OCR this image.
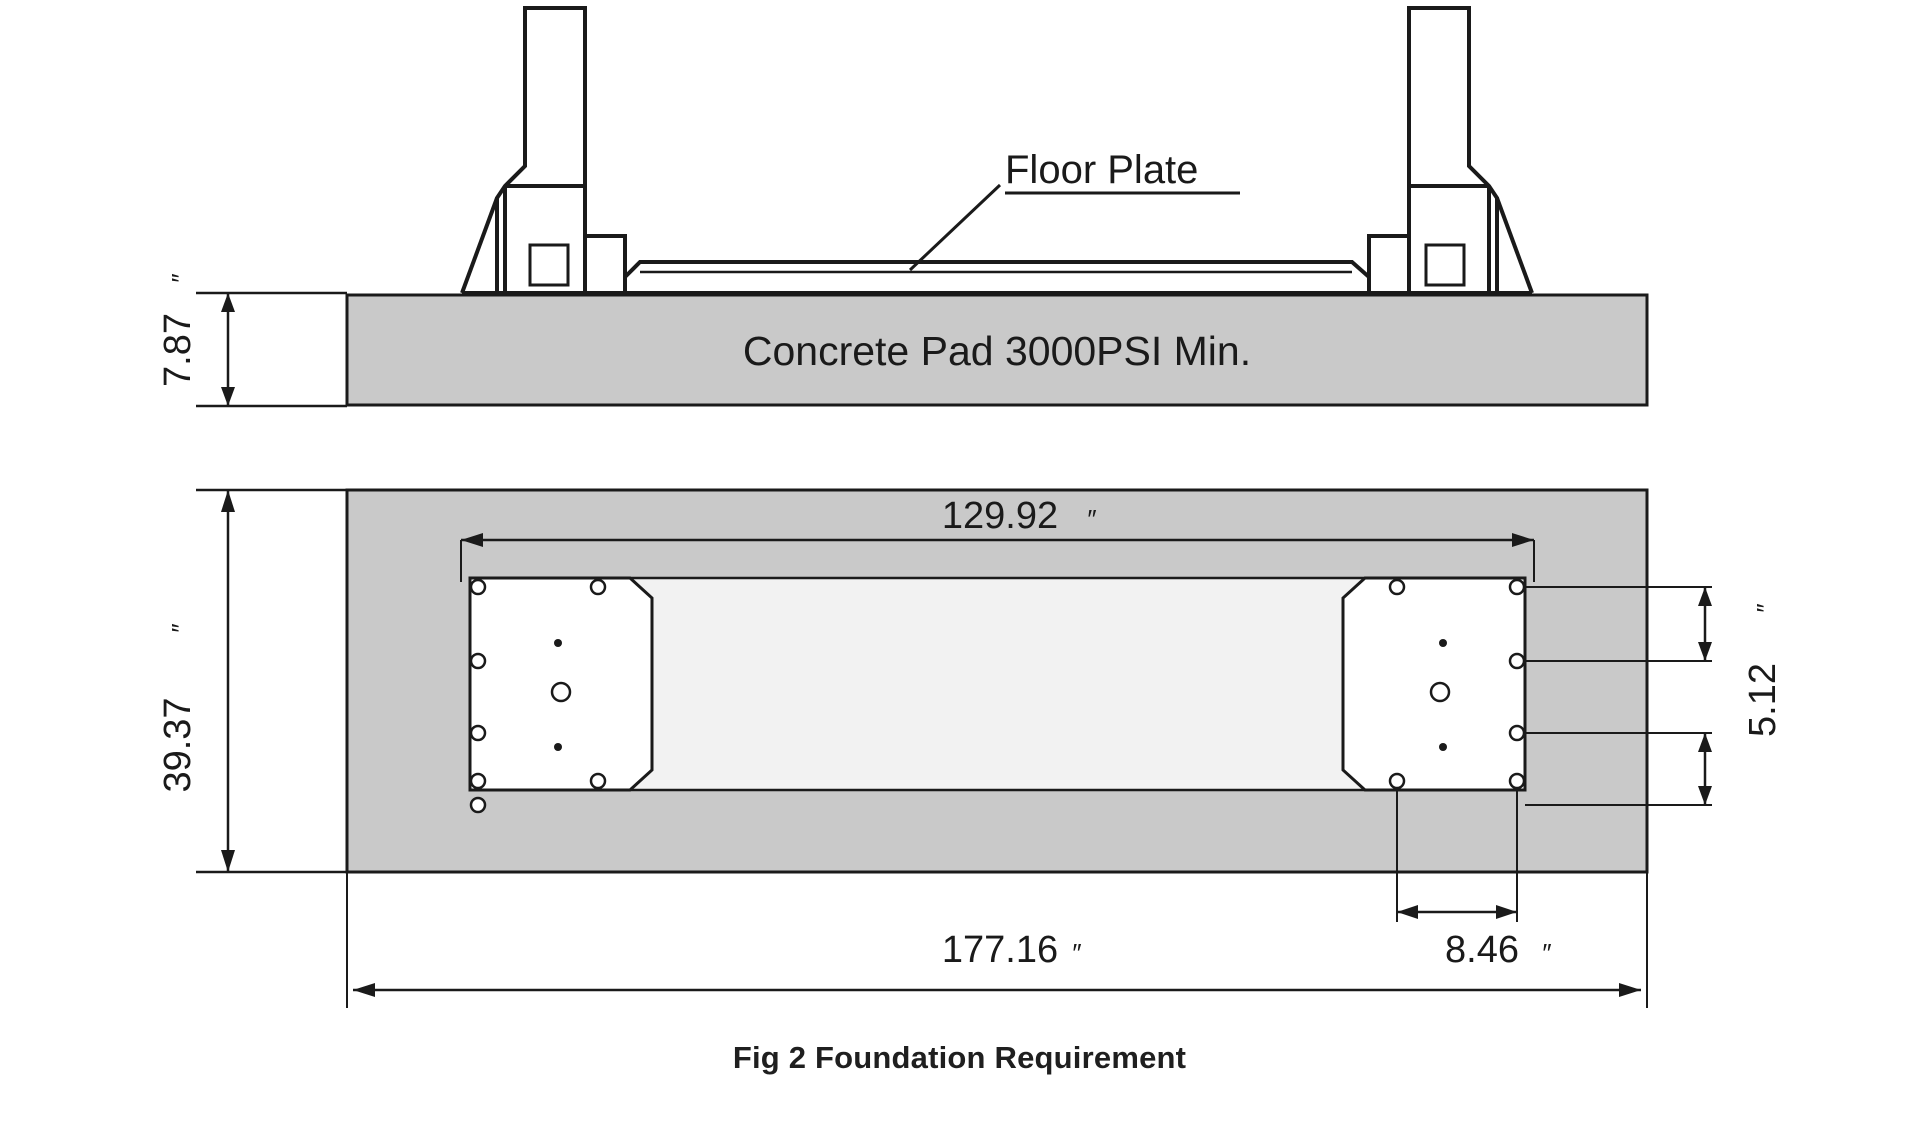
Floor Plate
Concrete Pad 3000PSI Min.
7.87
″
39.37
″
129.92 ″
5.12
″
8.46 ″
177.16 ″
Fig 2 Foundation Requirement
